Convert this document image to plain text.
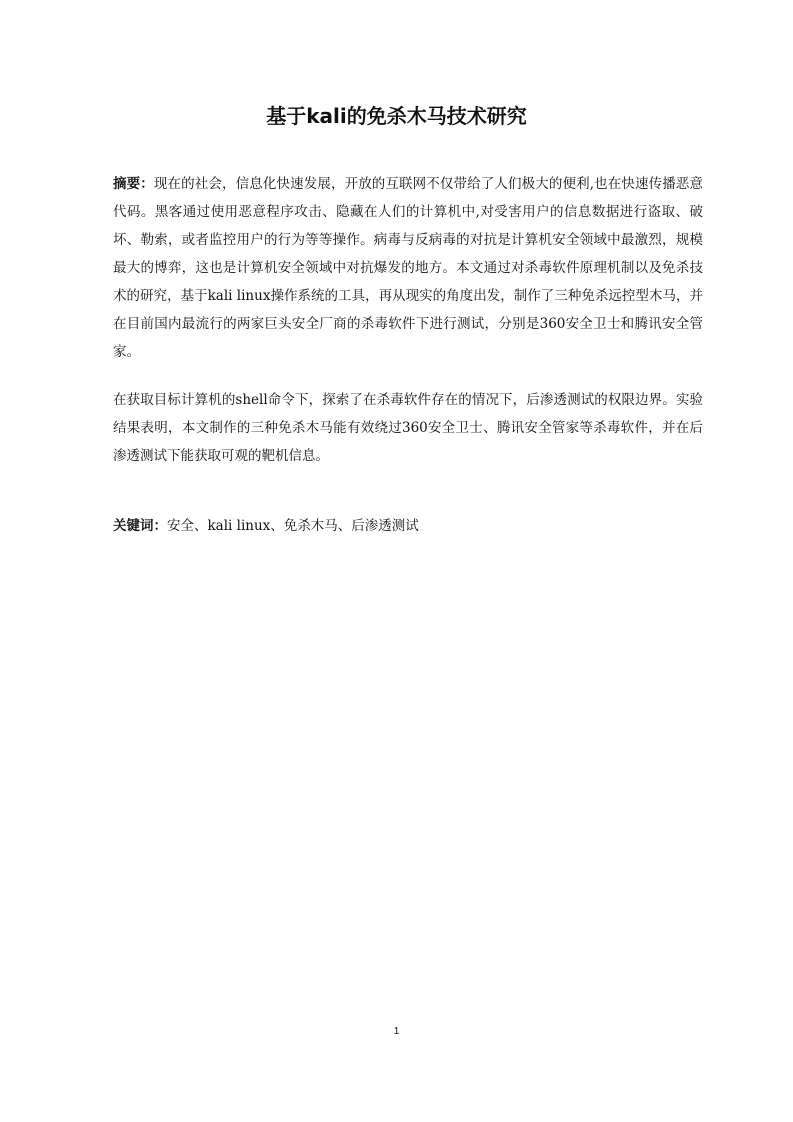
基于kali的免杀木马技术研究

摘要：现在的社会，信息化快速发展，开放的互联网不仅带给了人们极大的便利,也在快速传播恶意代码。黑客通过使用恶意程序攻击、隐藏在人们的计算机中,对受害用户的信息数据进行盗取、破坏、勒索，或者监控用户的行为等等操作。病毒与反病毒的对抗是计算机安全领域中最激烈，规模最大的博弈，这也是计算机安全领域中对抗爆发的地方。本文通过对杀毒软件原理机制以及免杀技术的研究，基于kali linux操作系统的工具，再从现实的角度出发，制作了三种免杀远控型木马，并在目前国内最流行的两家巨头安全厂商的杀毒软件下进行测试，分别是360安全卫士和腾讯安全管家。

在获取目标计算机的shell命令下，探索了在杀毒软件存在的情况下，后渗透测试的权限边界。实验结果表明，本文制作的三种免杀木马能有效绕过360安全卫士、腾讯安全管家等杀毒软件，并在后渗透测试下能获取可观的靶机信息。

关键词：安全、kali linux、免杀木马、后渗透测试

1
